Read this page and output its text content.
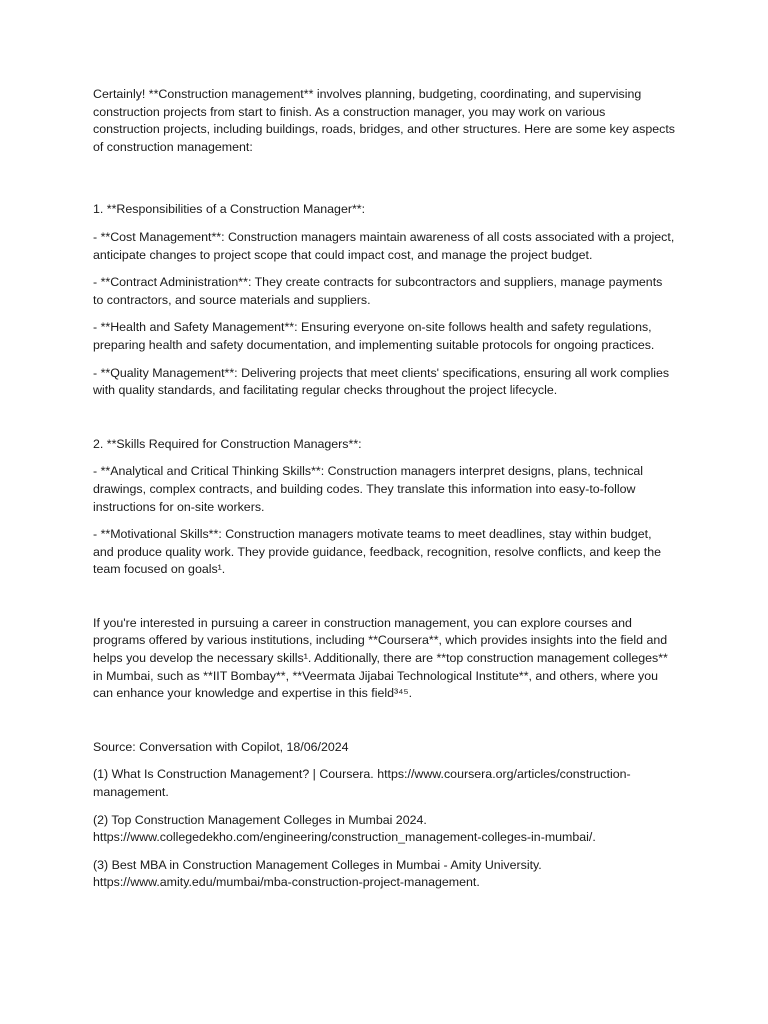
Certainly! **Construction management** involves planning, budgeting, coordinating, and supervising construction projects from start to finish. As a construction manager, you may work on various construction projects, including buildings, roads, bridges, and other structures. Here are some key aspects of construction management:

1. **Responsibilities of a Construction Manager**:

- **Cost Management**: Construction managers maintain awareness of all costs associated with a project, anticipate changes to project scope that could impact cost, and manage the project budget.

- **Contract Administration**: They create contracts for subcontractors and suppliers, manage payments to contractors, and source materials and suppliers.

- **Health and Safety Management**: Ensuring everyone on-site follows health and safety regulations, preparing health and safety documentation, and implementing suitable protocols for ongoing practices.

- **Quality Management**: Delivering projects that meet clients' specifications, ensuring all work complies with quality standards, and facilitating regular checks throughout the project lifecycle.

2. **Skills Required for Construction Managers**:

- **Analytical and Critical Thinking Skills**: Construction managers interpret designs, plans, technical drawings, complex contracts, and building codes. They translate this information into easy-to-follow instructions for on-site workers.

- **Motivational Skills**: Construction managers motivate teams to meet deadlines, stay within budget, and produce quality work. They provide guidance, feedback, recognition, resolve conflicts, and keep the team focused on goals¹.

If you're interested in pursuing a career in construction management, you can explore courses and programs offered by various institutions, including **Coursera**, which provides insights into the field and helps you develop the necessary skills¹. Additionally, there are **top construction management colleges** in Mumbai, such as **IIT Bombay**, **Veermata Jijabai Technological Institute**, and others, where you can enhance your knowledge and expertise in this field³⁴⁵.

Source: Conversation with Copilot, 18/06/2024

(1) What Is Construction Management? | Coursera. https://www.coursera.org/articles/construction-management.

(2) Top Construction Management Colleges in Mumbai 2024. https://www.collegedekho.com/engineering/construction_management-colleges-in-mumbai/.

(3) Best MBA in Construction Management Colleges in Mumbai - Amity University. https://www.amity.edu/mumbai/mba-construction-project-management.
